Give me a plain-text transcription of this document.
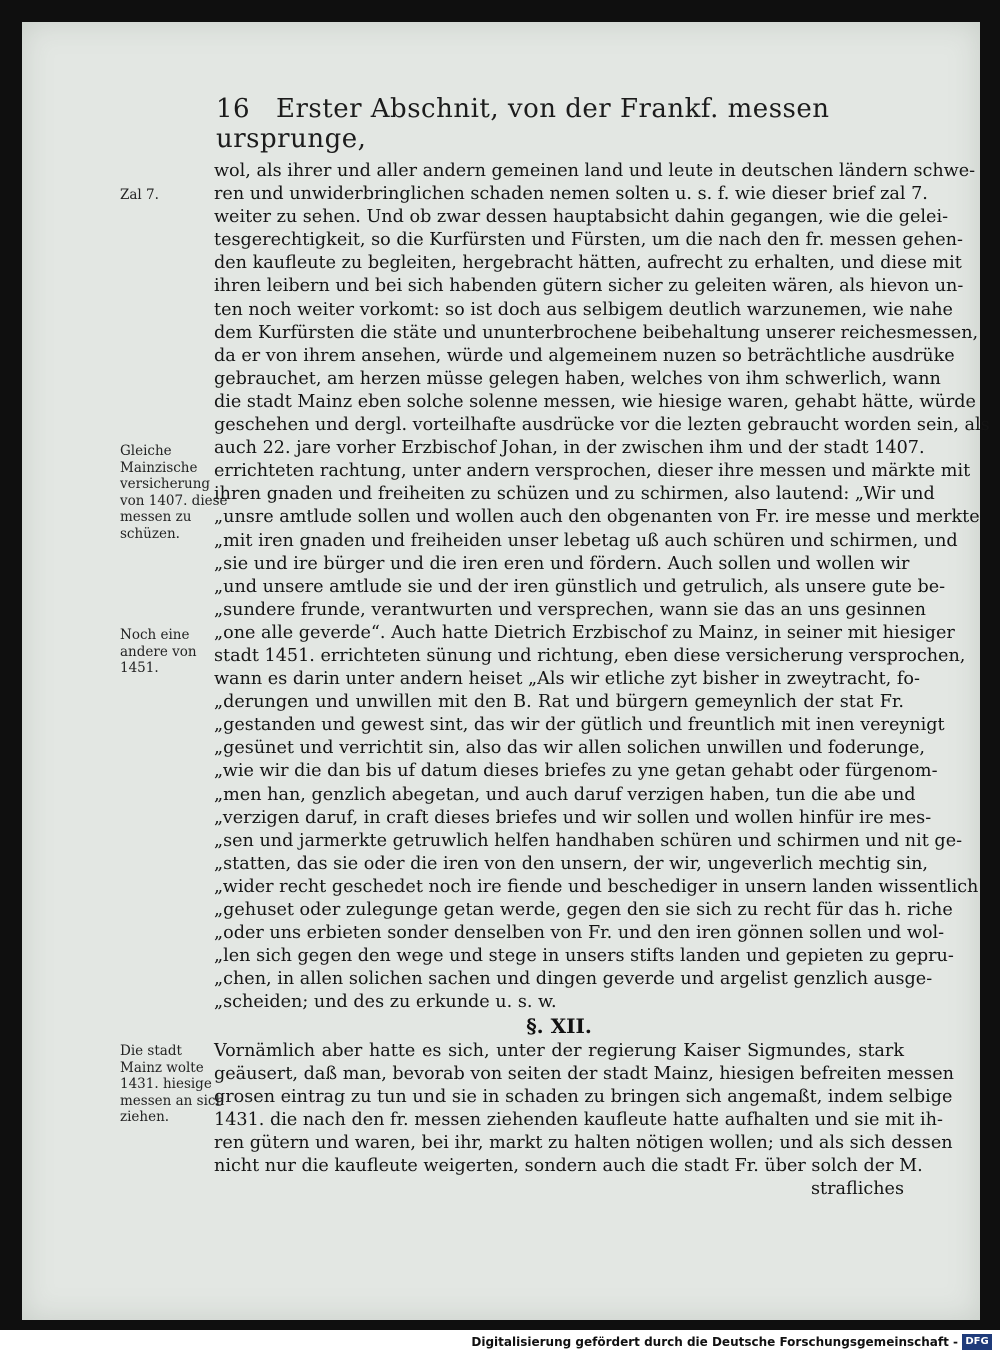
16 Erster Abschnit, von der Frankf. messen ursprunge,
Zal 7.
Gleiche Mainzische versicherung von 1407. diese messen zu schüzen.
Noch eine andere von 1451.
Die stadt Mainz wolte 1431. hiesige messen an sich ziehen.
wol, als ihrer und aller andern gemeinen land und leute in deutschen ländern schwe-
ren und unwiderbringlichen schaden nemen solten u. s. f. wie dieser brief zal 7.
weiter zu sehen. Und ob zwar dessen hauptabsicht dahin gegangen, wie die gelei-
tesgerechtigkeit, so die Kurfürsten und Fürsten, um die nach den fr. messen gehen-
den kaufleute zu begleiten, hergebracht hätten, aufrecht zu erhalten, und diese mit
ihren leibern und bei sich habenden gütern sicher zu geleiten wären, als hievon un-
ten noch weiter vorkomt: so ist doch aus selbigem deutlich warzunemen, wie nahe
dem Kurfürsten die stäte und ununterbrochene beibehaltung unserer reichesmessen,
da er von ihrem ansehen, würde und algemeinem nuzen so beträchtliche ausdrüke
gebrauchet, am herzen müsse gelegen haben, welches von ihm schwerlich, wann
die stadt Mainz eben solche solenne messen, wie hiesige waren, gehabt hätte, würde
geschehen und dergl. vorteilhafte ausdrücke vor die lezten gebraucht worden sein, als
auch 22. jare vorher Erzbischof Johan, in der zwischen ihm und der stadt 1407.
errichteten rachtung, unter andern versprochen, dieser ihre messen und märkte mit
ihren gnaden und freiheiten zu schüzen und zu schirmen, also lautend: „Wir und
„unsre amtlude sollen und wollen auch den obgenanten von Fr. ire messe und merkte
„mit iren gnaden und freiheiden unser lebetag uß auch schüren und schirmen, und
„sie und ire bürger und die iren eren und fördern. Auch sollen und wollen wir
„und unsere amtlude sie und der iren günstlich und getrulich, als unsere gute be-
„sundere frunde, verantwurten und versprechen, wann sie das an uns gesinnen
„one alle geverde“. Auch hatte Dietrich Erzbischof zu Mainz, in seiner mit hiesiger
stadt 1451. errichteten sünung und richtung, eben diese versicherung versprochen,
wann es darin unter andern heiset „Als wir etliche zyt bisher in zweytracht, fo-
„derungen und unwillen mit den B. Rat und bürgern gemeynlich der stat Fr.
„gestanden und gewest sint, das wir der gütlich und freuntlich mit inen vereynigt
„gesünet und verrichtit sin, also das wir allen solichen unwillen und foderunge,
„wie wir die dan bis uf datum dieses briefes zu yne getan gehabt oder fürgenom-
„men han, genzlich abegetan, und auch daruf verzigen haben, tun die abe und
„verzigen daruf, in craft dieses briefes und wir sollen und wollen hinfür ire mes-
„sen und jarmerkte getruwlich helfen handhaben schüren und schirmen und nit ge-
„statten, das sie oder die iren von den unsern, der wir, ungeverlich mechtig sin,
„wider recht geschedet noch ire fiende und beschediger in unsern landen wissentlich
„gehuset oder zulegunge getan werde, gegen den sie sich zu recht für das h. riche
„oder uns erbieten sonder denselben von Fr. und den iren gönnen sollen und wol-
„len sich gegen den wege und stege in unsers stifts landen und gepieten zu gepru-
„chen, in allen solichen sachen und dingen geverde und argelist genzlich ausge-
„scheiden; und des zu erkunde u. s. w.
§. XII.
Vornämlich aber hatte es sich, unter der regierung Kaiser Sigmundes, stark
geäusert, daß man, bevorab von seiten der stadt Mainz, hiesigen befreiten messen
grosen eintrag zu tun und sie in schaden zu bringen sich angemaßt, indem selbige
1431. die nach den fr. messen ziehenden kaufleute hatte aufhalten und sie mit ih-
ren gütern und waren, bei ihr, markt zu halten nötigen wollen; und als sich dessen
nicht nur die kaufleute weigerten, sondern auch die stadt Fr. über solch der M.
strafliches
Digitalisierung gefördert durch die Deutsche Forschungsgemeinschaft - DFG
